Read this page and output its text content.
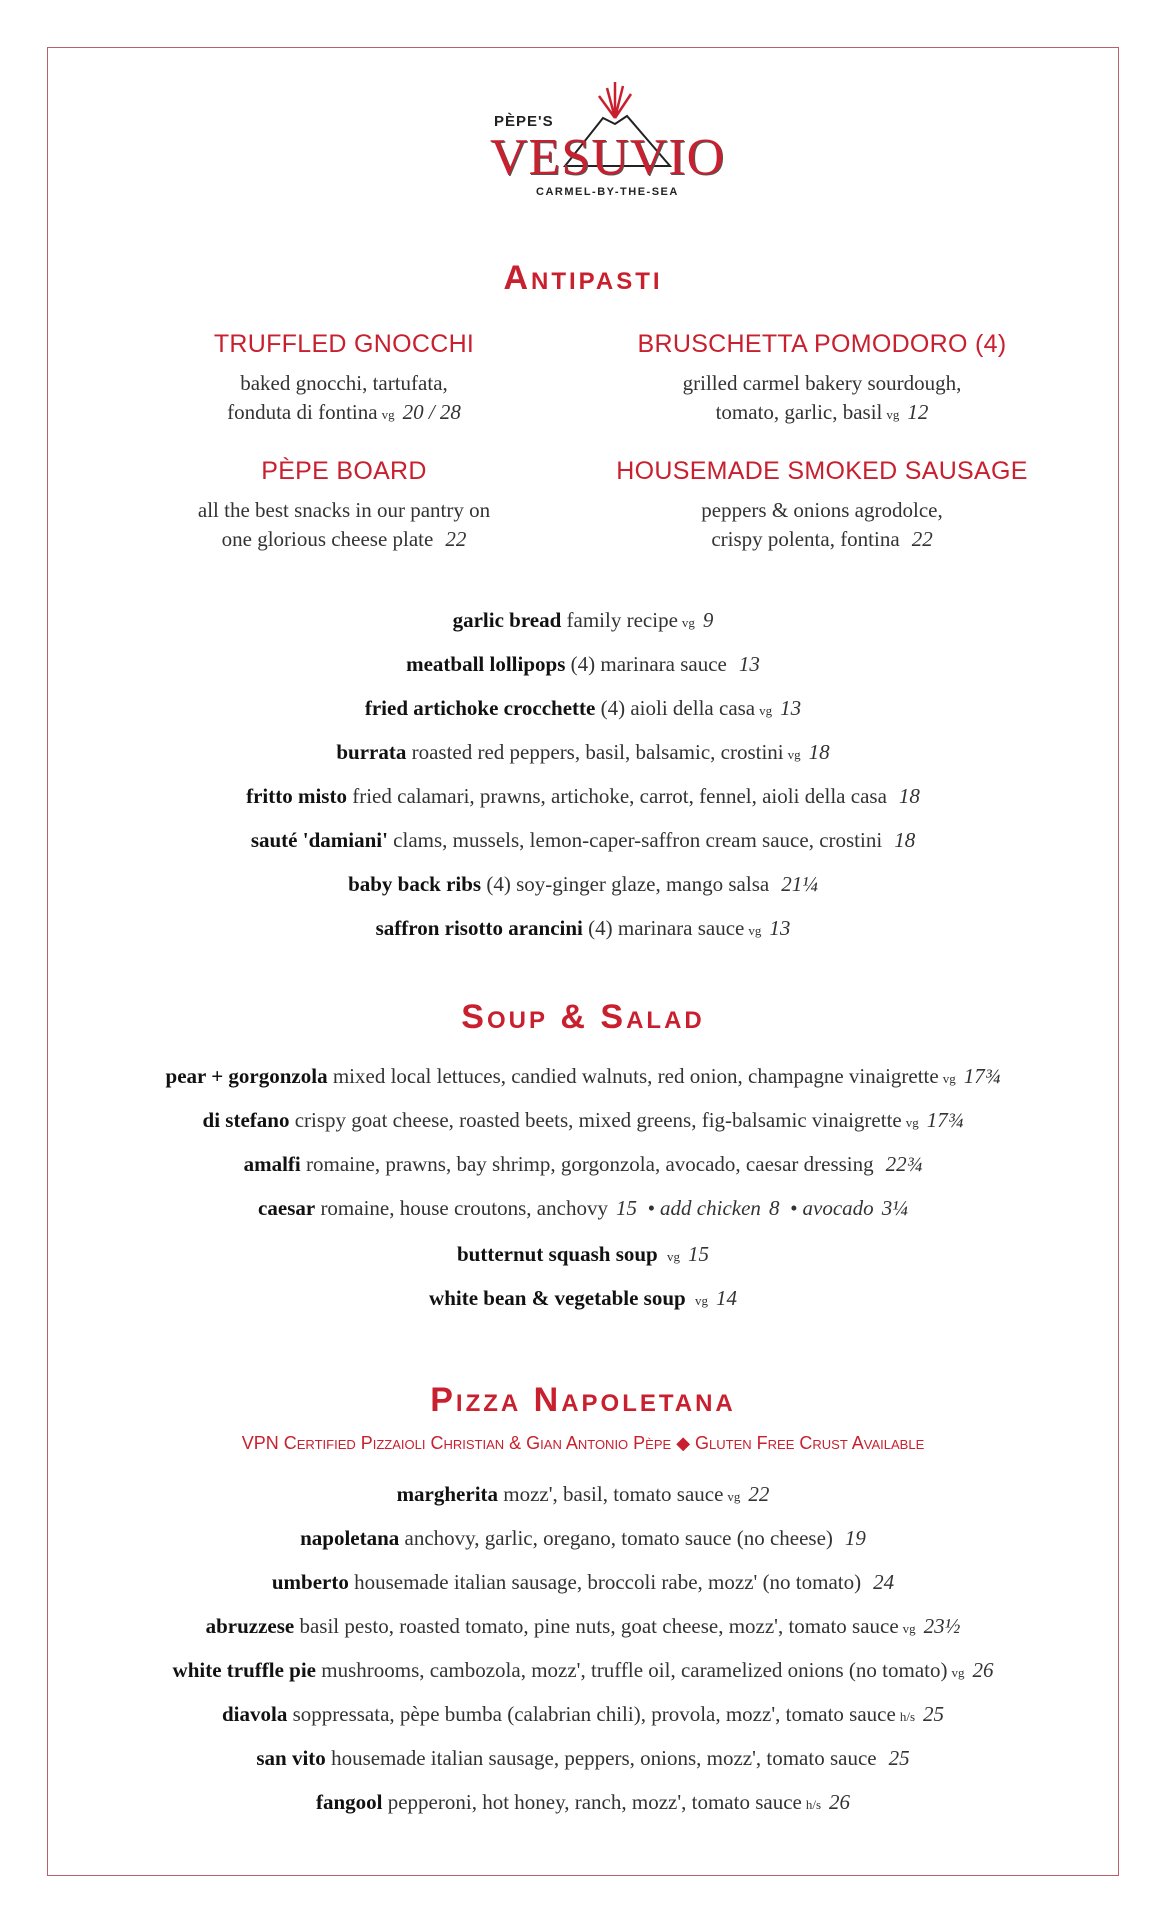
PÈPE'S
VESUVIO
CARMEL-BY-THE-SEA
Antipasti
TRUFFLED GNOCCHI
baked gnocchi, tartufata,
fonduta di fontina vg 20 / 28
BRUSCHETTA POMODORO (4)
grilled carmel bakery sourdough,
tomato, garlic, basil vg 12
PÈPE BOARD
all the best snacks in our pantry on
one glorious cheese plate 22
HOUSEMADE SMOKED SAUSAGE
peppers & onions agrodolce,
crispy polenta, fontina 22
garlic bread family recipe vg 9
meatball lollipops (4) marinara sauce 13
fried artichoke crocchette (4) aioli della casa vg 13
burrata roasted red peppers, basil, balsamic, crostini vg 18
fritto misto fried calamari, prawns, artichoke, carrot, fennel, aioli della casa 18
sauté 'damiani' clams, mussels, lemon-caper-saffron cream sauce, crostini 18
baby back ribs (4) soy-ginger glaze, mango salsa 21¼
saffron risotto arancini (4) marinara sauce vg 13
Soup & Salad
pear + gorgonzola mixed local lettuces, candied walnuts, red onion, champagne vinaigrette vg 17¾
di stefano crispy goat cheese, roasted beets, mixed greens, fig-balsamic vinaigrette vg 17¾
amalfi romaine, prawns, bay shrimp, gorgonzola, avocado, caesar dressing 22¾
caesar romaine, house croutons, anchovy 15 • add chicken 8 • avocado 3¼
butternut squash soup vg 15
white bean & vegetable soup vg 14
Pizza Napoletana
VPN Certified Pizzaioli Christian & Gian Antonio Pèpe ◆ Gluten Free Crust Available
margherita mozz', basil, tomato sauce vg 22
napoletana anchovy, garlic, oregano, tomato sauce (no cheese) 19
umberto housemade italian sausage, broccoli rabe, mozz' (no tomato) 24
abruzzese basil pesto, roasted tomato, pine nuts, goat cheese, mozz', tomato sauce vg 23½
white truffle pie mushrooms, cambozola, mozz', truffle oil, caramelized onions (no tomato) vg 26
diavola soppressata, pèpe bumba (calabrian chili), provola, mozz', tomato sauce h/s 25
san vito housemade italian sausage, peppers, onions, mozz', tomato sauce 25
fangool pepperoni, hot honey, ranch, mozz', tomato sauce h/s 26
